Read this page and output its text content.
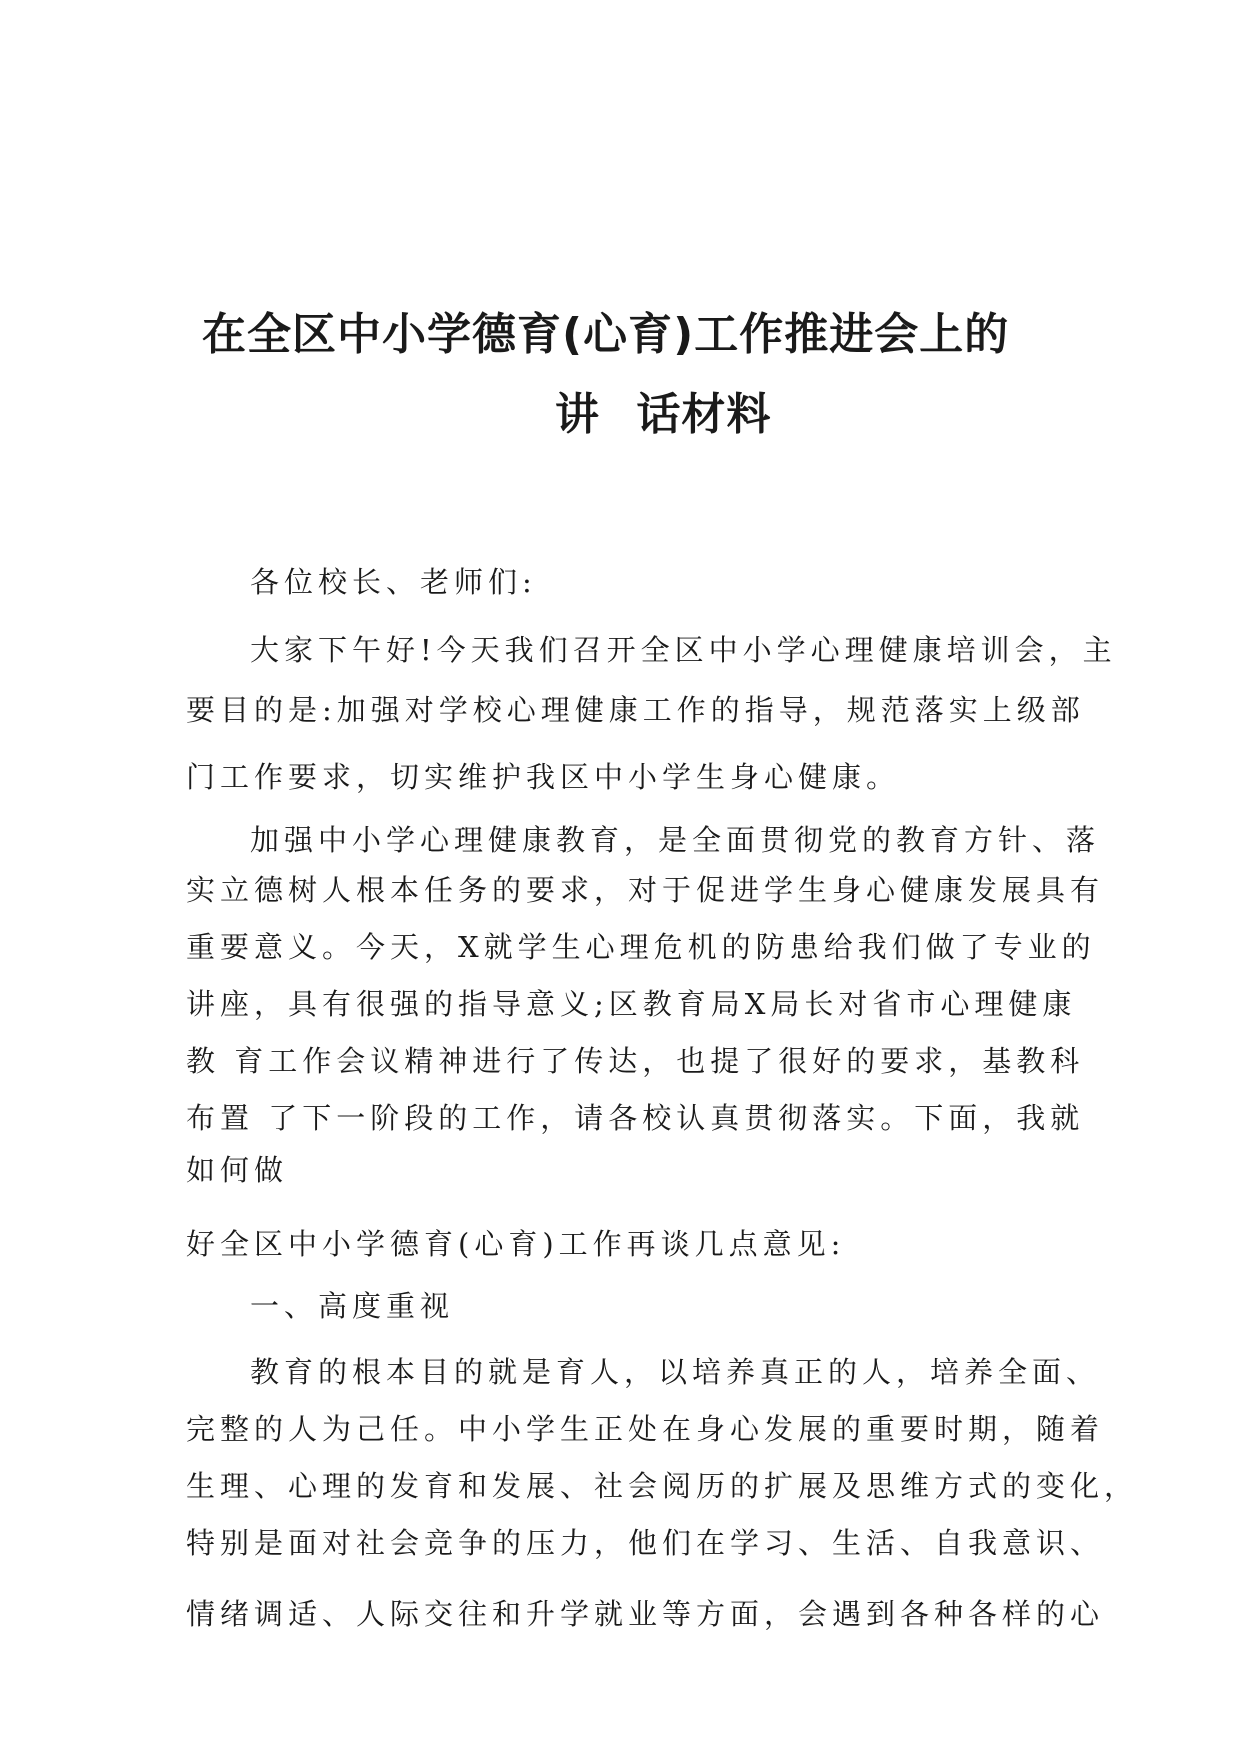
在全区中小学德育(心育)工作推进会上的
讲 话材料
各位校长、老师们:
大家下午好!今天我们召开全区中小学心理健康培训会，主
要目的是:加强对学校心理健康工作的指导，规范落实上级部
门工作要求，切实维护我区中小学生身心健康。
加强中小学心理健康教育，是全面贯彻党的教育方针、落
实立德树人根本任务的要求，对于促进学生身心健康发展具有
重要意义。今天，X就学生心理危机的防患给我们做了专业的
讲座，具有很强的指导意义;区教育局X局长对省市心理健康
教 育工作会议精神进行了传达，也提了很好的要求，基教科
布置 了下一阶段的工作，请各校认真贯彻落实。下面，我就
如何做
好全区中小学德育(心育)工作再谈几点意见:
一、高度重视
教育的根本目的就是育人，以培养真正的人，培养全面、
完整的人为己任。中小学生正处在身心发展的重要时期，随着
生理、心理的发育和发展、社会阅历的扩展及思维方式的变化，
特别是面对社会竞争的压力，他们在学习、生活、自我意识、
情绪调适、人际交往和升学就业等方面，会遇到各种各样的心
